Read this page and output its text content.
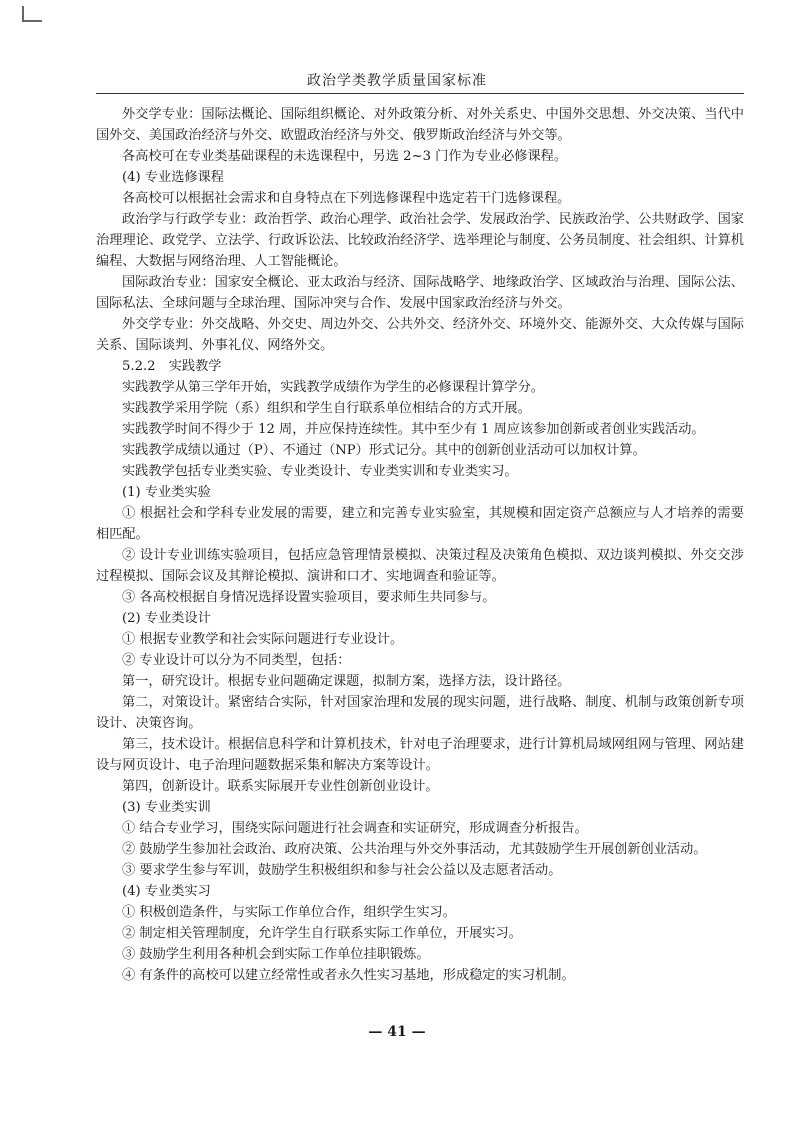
政治学类教学质量国家标准

外交学专业：国际法概论、国际组织概论、对外政策分析、对外关系史、中国外交思想、外交决策、当代中国外交、美国政治经济与外交、欧盟政治经济与外交、俄罗斯政治经济与外交等。

各高校可在专业类基础课程的未选课程中，另选 2~3 门作为专业必修课程。

(4) 专业选修课程

各高校可以根据社会需求和自身特点在下列选修课程中选定若干门选修课程。

政治学与行政学专业：政治哲学、政治心理学、政治社会学、发展政治学、民族政治学、公共财政学、国家治理理论、政党学、立法学、行政诉讼法、比较政治经济学、选举理论与制度、公务员制度、社会组织、计算机编程、大数据与网络治理、人工智能概论。

国际政治专业：国家安全概论、亚太政治与经济、国际战略学、地缘政治学、区域政治与治理、国际公法、国际私法、全球问题与全球治理、国际冲突与合作、发展中国家政治经济与外交。

外交学专业：外交战略、外交史、周边外交、公共外交、经济外交、环境外交、能源外交、大众传媒与国际关系、国际谈判、外事礼仪、网络外交。

5.2.2　实践教学

实践教学从第三学年开始，实践教学成绩作为学生的必修课程计算学分。

实践教学采用学院（系）组织和学生自行联系单位相结合的方式开展。

实践教学时间不得少于 12 周，并应保持连续性。其中至少有 1 周应该参加创新或者创业实践活动。

实践教学成绩以通过（P）、不通过（NP）形式记分。其中的创新创业活动可以加权计算。

实践教学包括专业类实验、专业类设计、专业类实训和专业类实习。

(1) 专业类实验

① 根据社会和学科专业发展的需要，建立和完善专业实验室，其规模和固定资产总额应与人才培养的需要相匹配。

② 设计专业训练实验项目，包括应急管理情景模拟、决策过程及决策角色模拟、双边谈判模拟、外交交涉过程模拟、国际会议及其辩论模拟、演讲和口才、实地调查和验证等。

③ 各高校根据自身情况选择设置实验项目，要求师生共同参与。

(2) 专业类设计

① 根据专业教学和社会实际问题进行专业设计。

② 专业设计可以分为不同类型，包括：

第一，研究设计。根据专业问题确定课题，拟制方案，选择方法，设计路径。

第二，对策设计。紧密结合实际，针对国家治理和发展的现实问题，进行战略、制度、机制与政策创新专项设计、决策咨询。

第三，技术设计。根据信息科学和计算机技术，针对电子治理要求，进行计算机局域网组网与管理、网站建设与网页设计、电子治理问题数据采集和解决方案等设计。

第四，创新设计。联系实际展开专业性创新创业设计。

(3) 专业类实训

① 结合专业学习，围绕实际问题进行社会调查和实证研究，形成调查分析报告。

② 鼓励学生参加社会政治、政府决策、公共治理与外交外事活动，尤其鼓励学生开展创新创业活动。

③ 要求学生参与军训，鼓励学生积极组织和参与社会公益以及志愿者活动。

(4) 专业类实习

① 积极创造条件，与实际工作单位合作，组织学生实习。

② 制定相关管理制度，允许学生自行联系实际工作单位，开展实习。

③ 鼓励学生利用各种机会到实际工作单位挂职锻炼。

④ 有条件的高校可以建立经常性或者永久性实习基地，形成稳定的实习机制。

— 41 —
